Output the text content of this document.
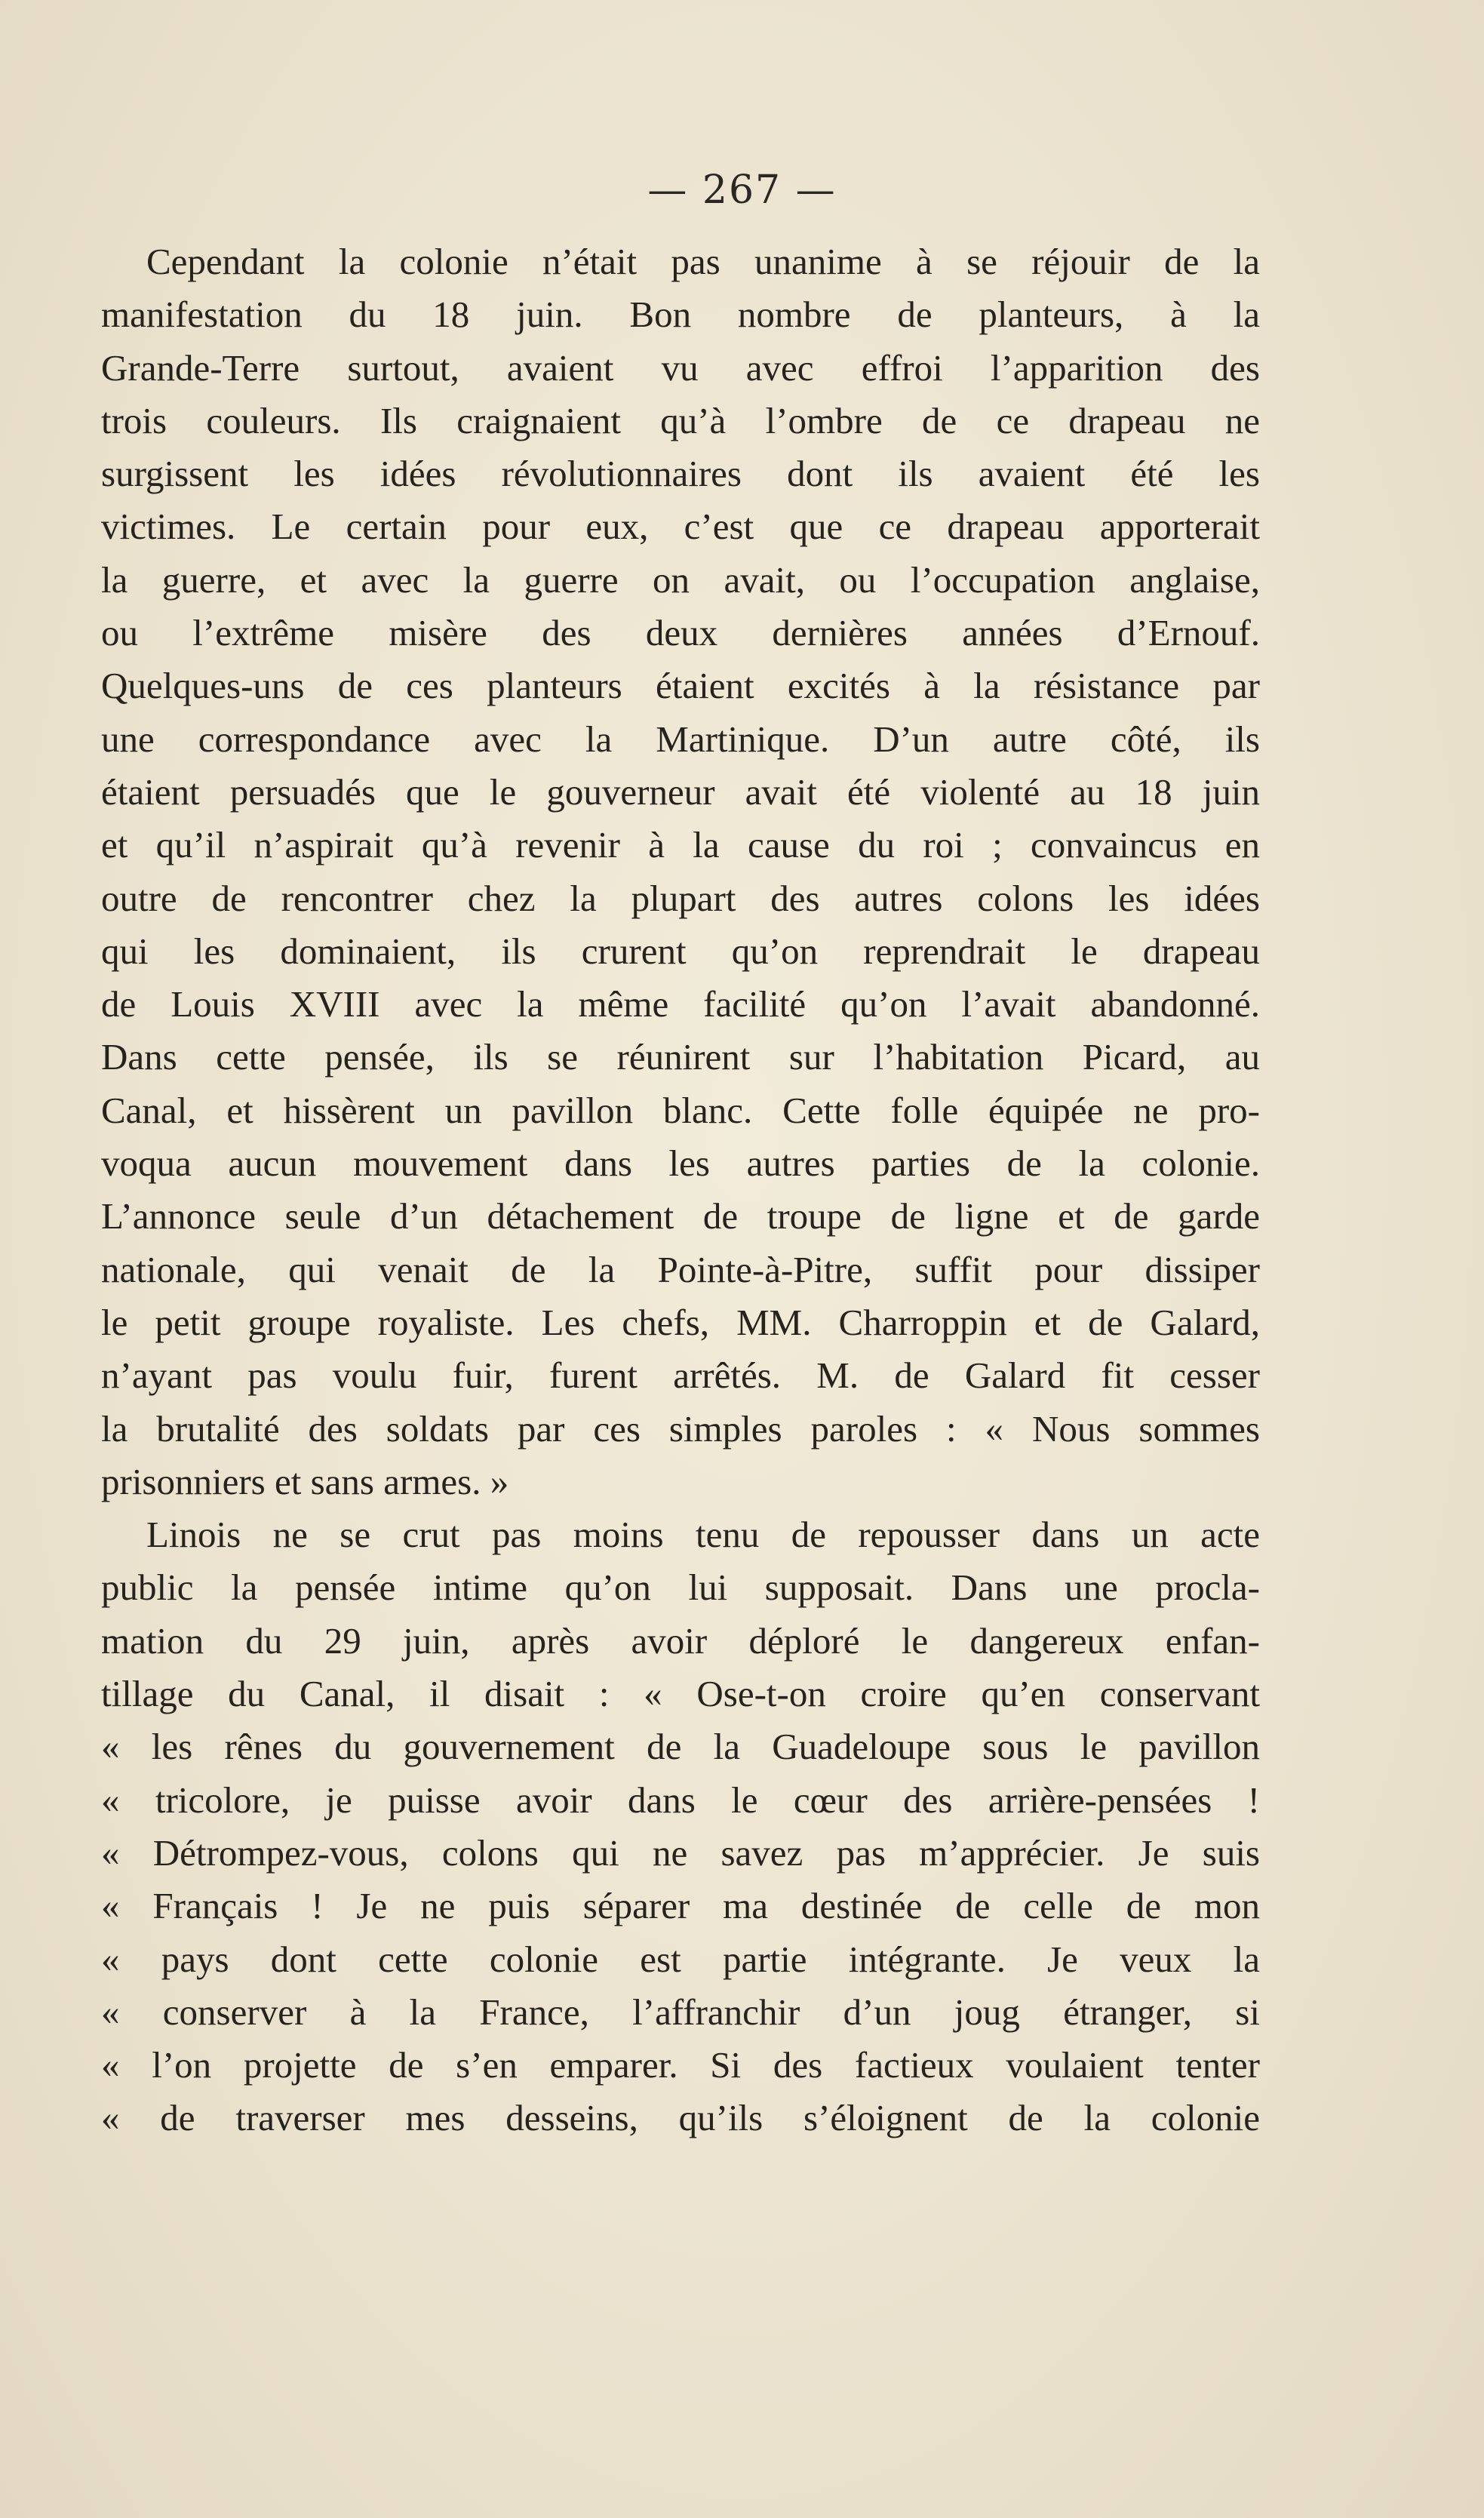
— 267 —
Cependant la colonie n’était pas unanime à se réjouir de la
manifestation du 18 juin. Bon nombre de planteurs, à la
Grande-Terre surtout, avaient vu avec effroi l’apparition des
trois couleurs. Ils craignaient qu’à l’ombre de ce drapeau ne
surgissent les idées révolutionnaires dont ils avaient été les
victimes. Le certain pour eux, c’est que ce drapeau apporterait
la guerre, et avec la guerre on avait, ou l’occupation anglaise,
ou l’extrême misère des deux dernières années d’Ernouf.
Quelques-uns de ces planteurs étaient excités à la résistance par
une correspondance avec la Martinique. D’un autre côté, ils
étaient persuadés que le gouverneur avait été violenté au 18 juin
et qu’il n’aspirait qu’à revenir à la cause du roi ; convaincus en
outre de rencontrer chez la plupart des autres colons les idées
qui les dominaient, ils crurent qu’on reprendrait le drapeau
de Louis XVIII avec la même facilité qu’on l’avait abandonné.
Dans cette pensée, ils se réunirent sur l’habitation Picard, au
Canal, et hissèrent un pavillon blanc. Cette folle équipée ne pro-
voqua aucun mouvement dans les autres parties de la colonie.
L’annonce seule d’un détachement de troupe de ligne et de garde
nationale, qui venait de la Pointe-à-Pitre, suffit pour dissiper
le petit groupe royaliste. Les chefs, MM. Charroppin et de Galard,
n’ayant pas voulu fuir, furent arrêtés. M. de Galard fit cesser
la brutalité des soldats par ces simples paroles : « Nous sommes
prisonniers et sans armes. »
Linois ne se crut pas moins tenu de repousser dans un acte
public la pensée intime qu’on lui supposait. Dans une procla-
mation du 29 juin, après avoir déploré le dangereux enfan-
tillage du Canal, il disait : « Ose-t-on croire qu’en conservant
« les rênes du gouvernement de la Guadeloupe sous le pavillon
« tricolore, je puisse avoir dans le cœur des arrière-pensées !
« Détrompez-vous, colons qui ne savez pas m’apprécier. Je suis
« Français ! Je ne puis séparer ma destinée de celle de mon
« pays dont cette colonie est partie intégrante. Je veux la
« conserver à la France, l’affranchir d’un joug étranger, si
« l’on projette de s’en emparer. Si des factieux voulaient tenter
« de traverser mes desseins, qu’ils s’éloignent de la colonie
